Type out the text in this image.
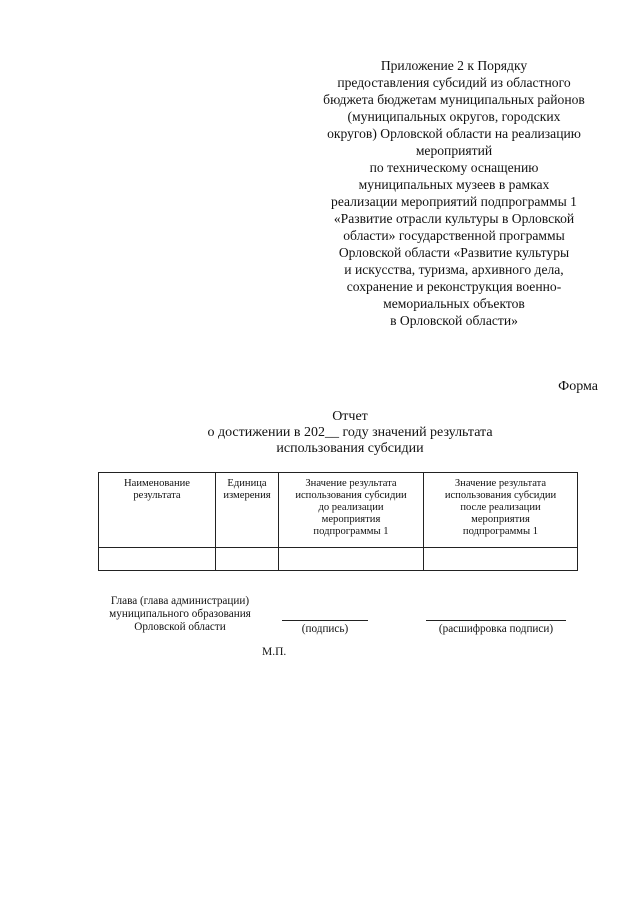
Приложение 2 к Порядку
предоставления субсидий из областного
бюджета бюджетам муниципальных районов
(муниципальных округов, городских
округов) Орловской области на реализацию
мероприятий
по техническому оснащению
муниципальных музеев в рамках
реализации мероприятий подпрограммы 1
«Развитие отрасли культуры в Орловской
области» государственной программы
Орловской области «Развитие культуры
и искусства, туризма, архивного дела,
сохранение и реконструкция военно-
мемориальных объектов
в Орловской области»
Форма
Отчет
о достижении в 202__ году значений результата
использования субсидии
Наименование
результата	Единица
измерения	Значение результата
использования субсидии
до реализации
мероприятия
подпрограммы 1	Значение результата
использования субсидии
после реализации
мероприятия
подпрограммы 1

Глава (глава администрации)
муниципального образования
Орловской области	(подпись)	(расшифровка подписи)
М.П.
